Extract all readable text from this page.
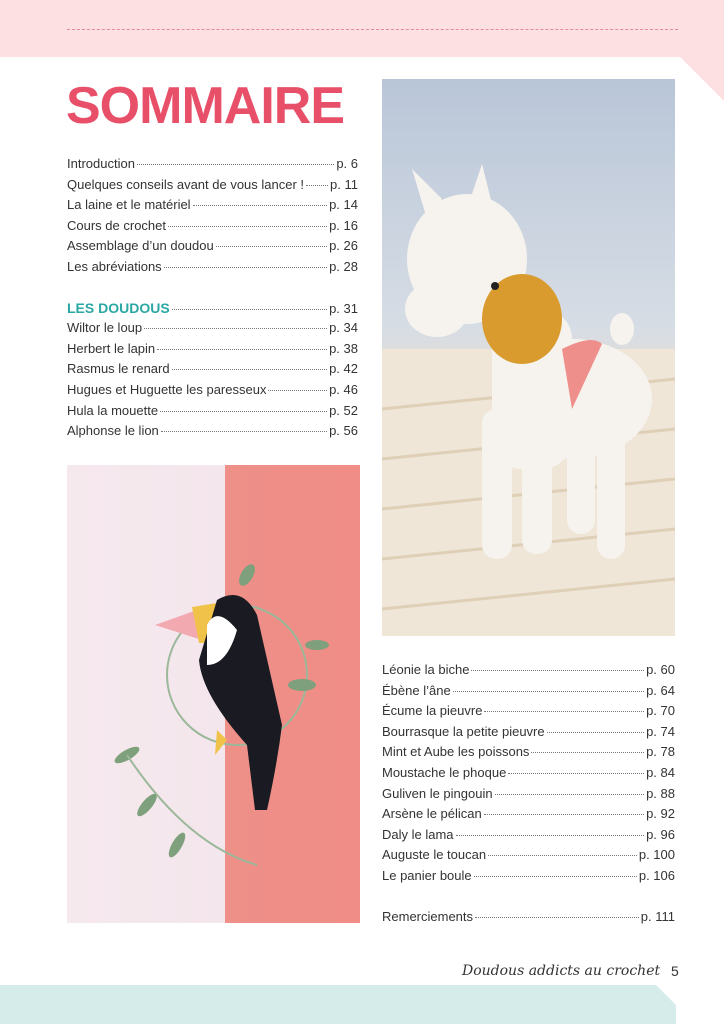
SOMMAIRE
Introduction	p. 6
Quelques conseils avant de vous lancer ! p. 11
La laine et le matériel	p. 14
Cours de crochet	p. 16
Assemblage d’un doudou	p. 26
Les abréviations	p. 28
LES DOUDOUS	p. 31
Wiltor le loup	p. 34
Herbert le lapin	p. 38
Rasmus le renard	p. 42
Hugues et Huguette les paresseux	p. 46
Hula la mouette	p. 52
Alphonse le lion	p. 56
Léonie la biche	p. 60
Ébène l’âne	p. 64
Écume la pieuvre	p. 70
Bourrasque la petite pieuvre	p. 74
Mint et Aube les poissons	p. 78
Moustache le phoque	p. 84
Guliven le pingouin	p. 88
Arsène le pélican	p. 92
Daly le lama	p. 96
Auguste le toucan	p. 100
Le panier boule	p. 106
Remerciements	p. 111
Doudous addicts au crochet 5
